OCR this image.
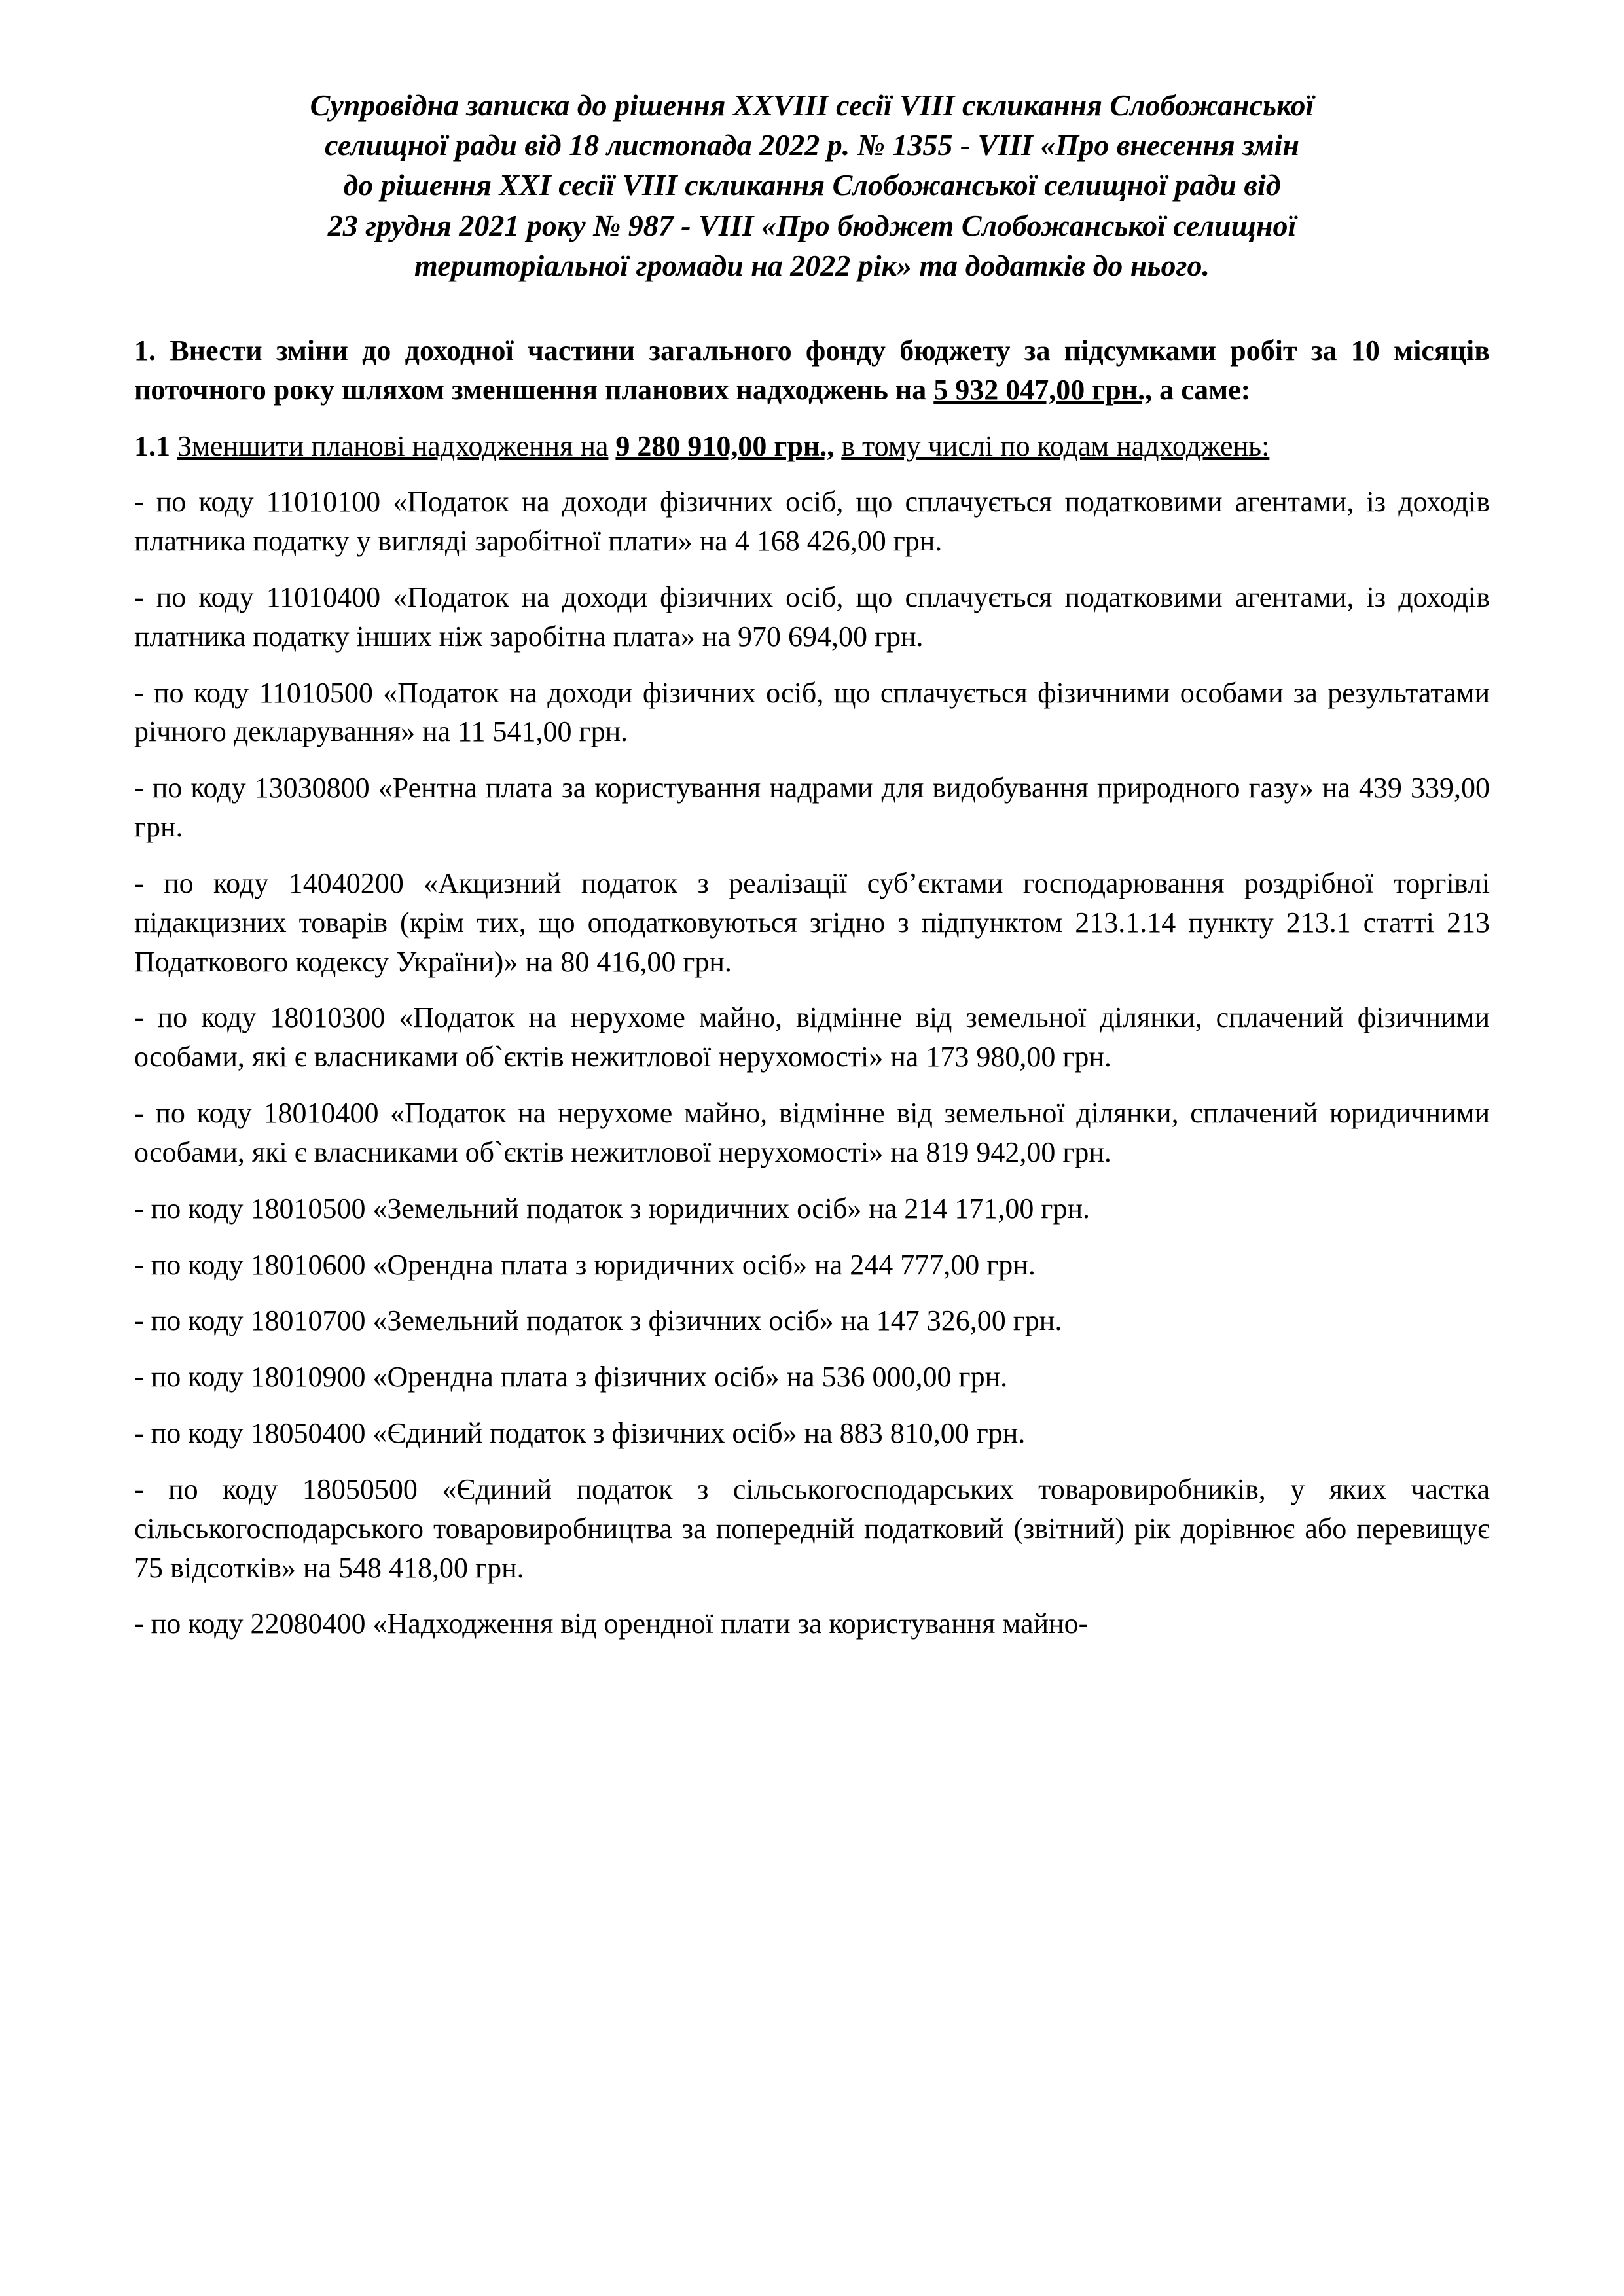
Супровідна записка до рішення XXVIII сесії VIII скликання Слобожанської
селищної ради від 18 листопада 2022 р. № 1355 - VIII «Про внесення змін
до рішення XXI сесії VIII скликання Слобожанської селищної ради від
23 грудня 2021 року № 987 - VIII «Про бюджет Слобожанської селищної
територіальної громади на 2022 рік» та додатків до нього.

1. Внести зміни до доходної частини загального фонду бюджету за підсумками робіт за 10 місяців поточного року шляхом зменшення планових надходжень на 5 932 047,00 грн., а саме:

1.1 Зменшити планові надходження на 9 280 910,00 грн., в тому числі по кодам надходжень:

- по коду 11010100 «Податок на доходи фізичних осіб, що сплачується податковими агентами, із доходів платника податку у вигляді заробітної плати» на 4 168 426,00 грн.

- по коду 11010400 «Податок на доходи фізичних осіб, що сплачується податковими агентами, із доходів платника податку інших ніж заробітна плата» на 970 694,00 грн.

- по коду 11010500 «Податок на доходи фізичних осіб, що сплачується фізичними особами за результатами річного декларування» на 11 541,00 грн.

- по коду 13030800 «Рентна плата за користування надрами для видобування природного газу» на 439 339,00 грн.

- по коду 14040200 «Акцизний податок з реалізації суб’єктами господарювання роздрібної торгівлі підакцизних товарів (крім тих, що оподатковуються згідно з підпунктом 213.1.14 пункту 213.1 статті 213 Податкового кодексу України)» на 80 416,00 грн.

- по коду 18010300 «Податок на нерухоме майно, відмінне від земельної ділянки, сплачений фізичними особами, які є власниками об`єктів нежитлової нерухомості» на 173 980,00 грн.

- по коду 18010400 «Податок на нерухоме майно, відмінне від земельної ділянки, сплачений юридичними особами, які є власниками об`єктів нежитлової нерухомості» на 819 942,00 грн.

- по коду 18010500 «Земельний податок з юридичних осіб» на 214 171,00 грн.

- по коду 18010600 «Орендна плата з юридичних осіб» на 244 777,00 грн.

- по коду 18010700 «Земельний податок з фізичних осіб» на 147 326,00 грн.

- по коду 18010900 «Орендна плата з фізичних осіб» на 536 000,00 грн.

- по коду 18050400 «Єдиний податок з фізичних осіб» на 883 810,00 грн.

- по коду 18050500 «Єдиний податок з сільськогосподарських товаровиробників, у яких частка сільськогосподарського товаровиробництва за попередній податковий (звітний) рік дорівнює або перевищує 75 відсотків» на 548 418,00 грн.

- по коду 22080400 «Надходження від орендної плати за користування майно-
